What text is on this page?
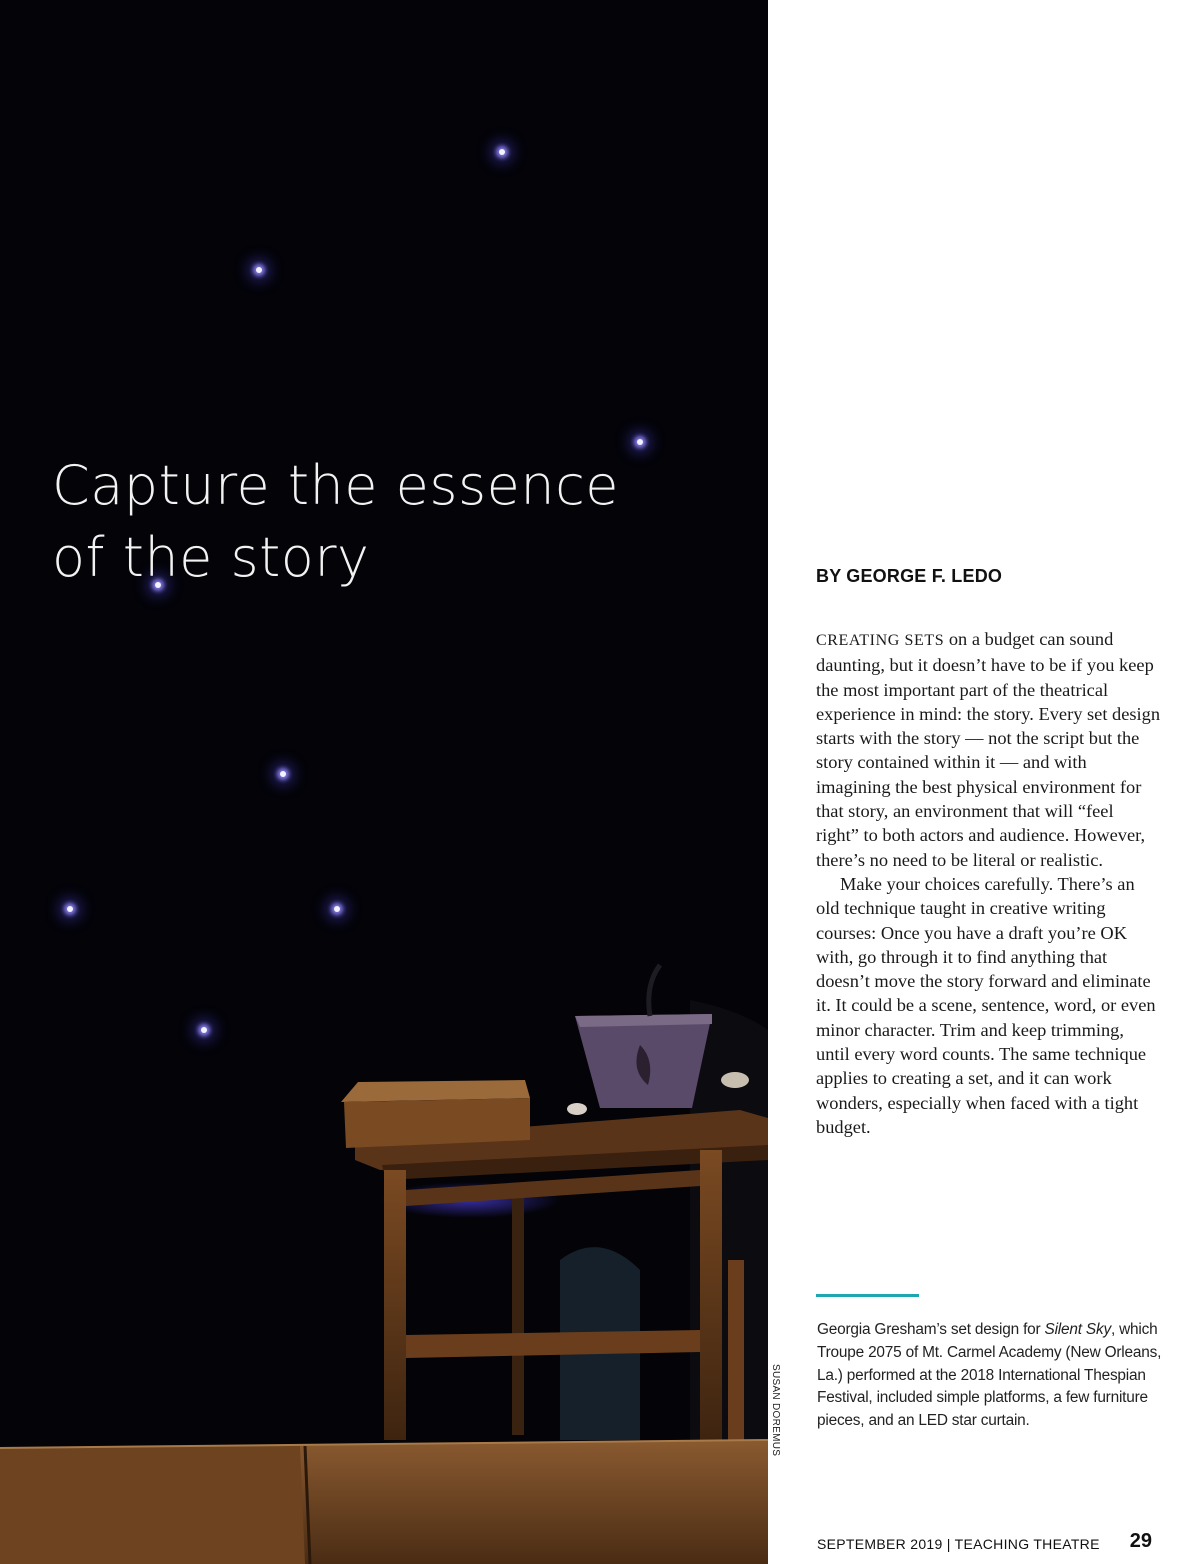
Capture the essence
of the story
SUSAN DOREMUS
BY GEORGE F. LEDO

CREATING SETS on a budget can sound daunting, but it doesn’t have to be if you keep the most important part of the theatrical experience in mind: the story. Every set design starts with the story — not the script but the story contained within it — and with imagining the best physical environment for that story, an environment that will “feel right” to both actors and audience. However, there’s no need to be literal or realistic.

Make your choices carefully. There’s an old technique taught in creative writing courses: Once you have a draft you’re OK with, go through it to find anything that doesn’t move the story forward and eliminate it. It could be a scene, sentence, word, or even minor character. Trim and keep trimming, until every word counts. The same technique applies to creating a set, and it can work wonders, especially when faced with a tight budget.

Georgia Gresham’s set design for Silent Sky, which Troupe 2075 of Mt. Carmel Academy (New Orleans, La.) performed at the 2018 International Thespian Festival, included simple platforms, a few furniture pieces, and an LED star curtain.

SEPTEMBER 2019 | TEACHING THEATRE	29
